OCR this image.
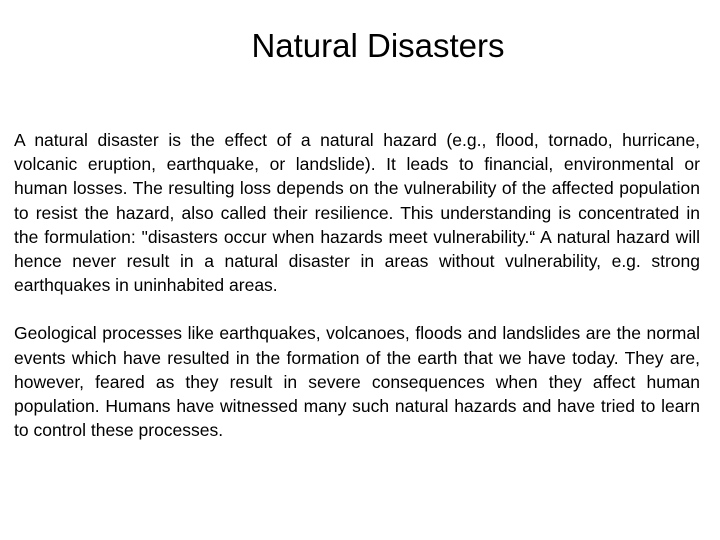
Natural Disasters

A natural disaster is the effect of a natural hazard (e.g., flood, tornado, hurricane, volcanic eruption, earthquake, or landslide). It leads to financial, environmental or human losses. The resulting loss depends on the vulnerability of the affected population to resist the hazard, also called their resilience. This understanding is concentrated in the formulation: "disasters occur when hazards meet vulnerability.“ A natural hazard will hence never result in a natural disaster in areas without vulnerability, e.g. strong earthquakes in uninhabited areas.

Geological processes like earthquakes, volcanoes, floods and landslides are the normal events which have resulted in the formation of the earth that we have today. They are, however, feared as they result in severe consequences when they affect human population. Humans have witnessed many such natural hazards and have tried to learn to control these processes.
